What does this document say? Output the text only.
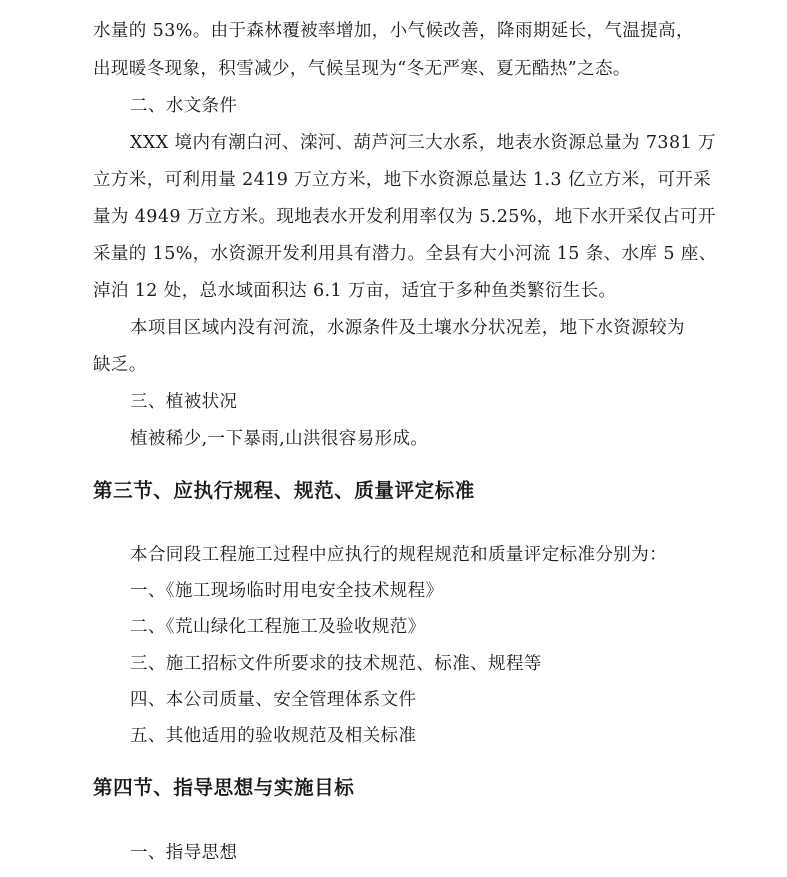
水量的 53%。由于森林覆被率增加，小气候改善，降雨期延长，气温提高，
出现暖冬现象，积雪减少，气候呈现为“冬无严寒、夏无酷热”之态。
二、水文条件
XXX 境内有潮白河、滦河、葫芦河三大水系，地表水资源总量为 7381 万
立方米，可利用量 2419 万立方米，地下水资源总量达 1.3 亿立方米，可开采
量为 4949 万立方米。现地表水开发利用率仅为 5.25%，地下水开采仅占可开
采量的 15%，水资源开发利用具有潜力。全县有大小河流 15 条、水库 5 座、
淖泊 12 处，总水域面积达 6.1 万亩，适宜于多种鱼类繁衍生长。
本项目区域内没有河流，水源条件及土壤水分状况差，地下水资源较为
缺乏。
三、植被状况
植被稀少,一下暴雨,山洪很容易形成。
第三节、应执行规程、规范、质量评定标准
本合同段工程施工过程中应执行的规程规范和质量评定标准分别为：
一、《施工现场临时用电安全技术规程》
二、《荒山绿化工程施工及验收规范》
三、施工招标文件所要求的技术规范、标准、规程等
四、本公司质量、安全管理体系文件
五、其他适用的验收规范及相关标准
第四节、指导思想与实施目标
一、指导思想
